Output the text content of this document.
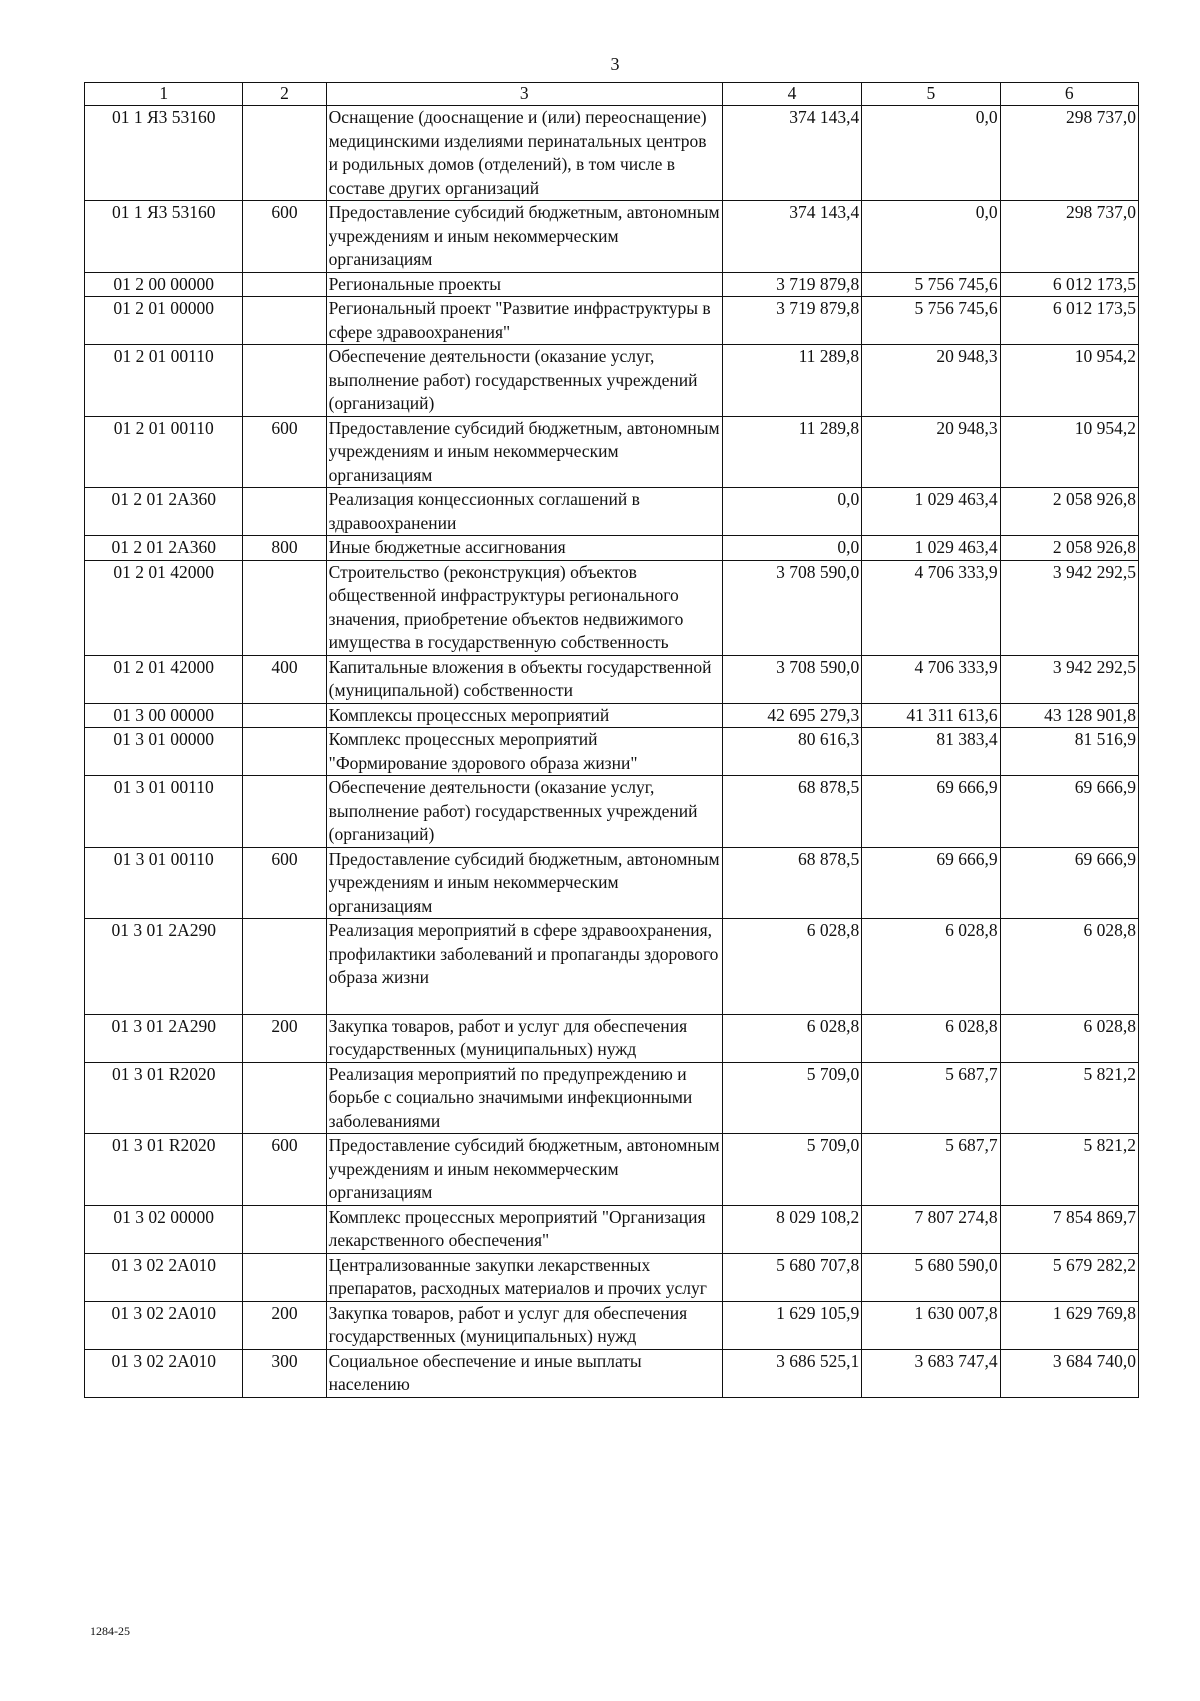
3
1	2	3	4	5	6
01 1 Я3 53160		Оснащение (дооснащение и (или) переоснащение) медицинскими изделиями перинатальных центров и родильных домов (отделений), в том числе в составе других организаций	374 143,4	0,0	298 737,0
01 1 Я3 53160	600	Предоставление субсидий бюджетным, автономным учреждениям и иным некоммерческим организациям	374 143,4	0,0	298 737,0
01 2 00 00000		Региональные проекты	3 719 879,8	5 756 745,6	6 012 173,5
01 2 01 00000		Региональный проект "Развитие инфраструктуры в сфере здравоохранения"	3 719 879,8	5 756 745,6	6 012 173,5
01 2 01 00110		Обеспечение деятельности (оказание услуг, выполнение работ) государственных учреждений (организаций)	11 289,8	20 948,3	10 954,2
01 2 01 00110	600	Предоставление субсидий бюджетным, автономным учреждениям и иным некоммерческим организациям	11 289,8	20 948,3	10 954,2
01 2 01 2А360		Реализация концессионных соглашений в здравоохранении	0,0	1 029 463,4	2 058 926,8
01 2 01 2А360	800	Иные бюджетные ассигнования	0,0	1 029 463,4	2 058 926,8
01 2 01 42000		Строительство (реконструкция) объектов общественной инфраструктуры регионального значения, приобретение объектов недвижимого имущества в государственную собственность	3 708 590,0	4 706 333,9	3 942 292,5
01 2 01 42000	400	Капитальные вложения в объекты государственной (муниципальной) собственности	3 708 590,0	4 706 333,9	3 942 292,5
01 3 00 00000		Комплексы процессных мероприятий	42 695 279,3	41 311 613,6	43 128 901,8
01 3 01 00000		Комплекс процессных мероприятий "Формирование здорового образа жизни"	80 616,3	81 383,4	81 516,9
01 3 01 00110		Обеспечение деятельности (оказание услуг, выполнение работ) государственных учреждений (организаций)	68 878,5	69 666,9	69 666,9
01 3 01 00110	600	Предоставление субсидий бюджетным, автономным учреждениям и иным некоммерческим организациям	68 878,5	69 666,9	69 666,9
01 3 01 2А290		Реализация мероприятий в сфере здравоохранения, профилактики заболеваний и пропаганды здорового образа жизни	6 028,8	6 028,8	6 028,8
01 3 01 2А290	200	Закупка товаров, работ и услуг для обеспечения государственных (муниципальных) нужд	6 028,8	6 028,8	6 028,8
01 3 01 R2020		Реализация мероприятий по предупреждению и борьбе с социально значимыми инфекционными заболеваниями	5 709,0	5 687,7	5 821,2
01 3 01 R2020	600	Предоставление субсидий бюджетным, автономным учреждениям и иным некоммерческим организациям	5 709,0	5 687,7	5 821,2
01 3 02 00000		Комплекс процессных мероприятий "Организация лекарственного обеспечения"	8 029 108,2	7 807 274,8	7 854 869,7
01 3 02 2А010		Централизованные закупки лекарственных препаратов, расходных материалов и прочих услуг	5 680 707,8	5 680 590,0	5 679 282,2
01 3 02 2А010	200	Закупка товаров, работ и услуг для обеспечения государственных (муниципальных) нужд	1 629 105,9	1 630 007,8	1 629 769,8
01 3 02 2А010	300	Социальное обеспечение и иные выплаты населению	3 686 525,1	3 683 747,4	3 684 740,0
1284-25
